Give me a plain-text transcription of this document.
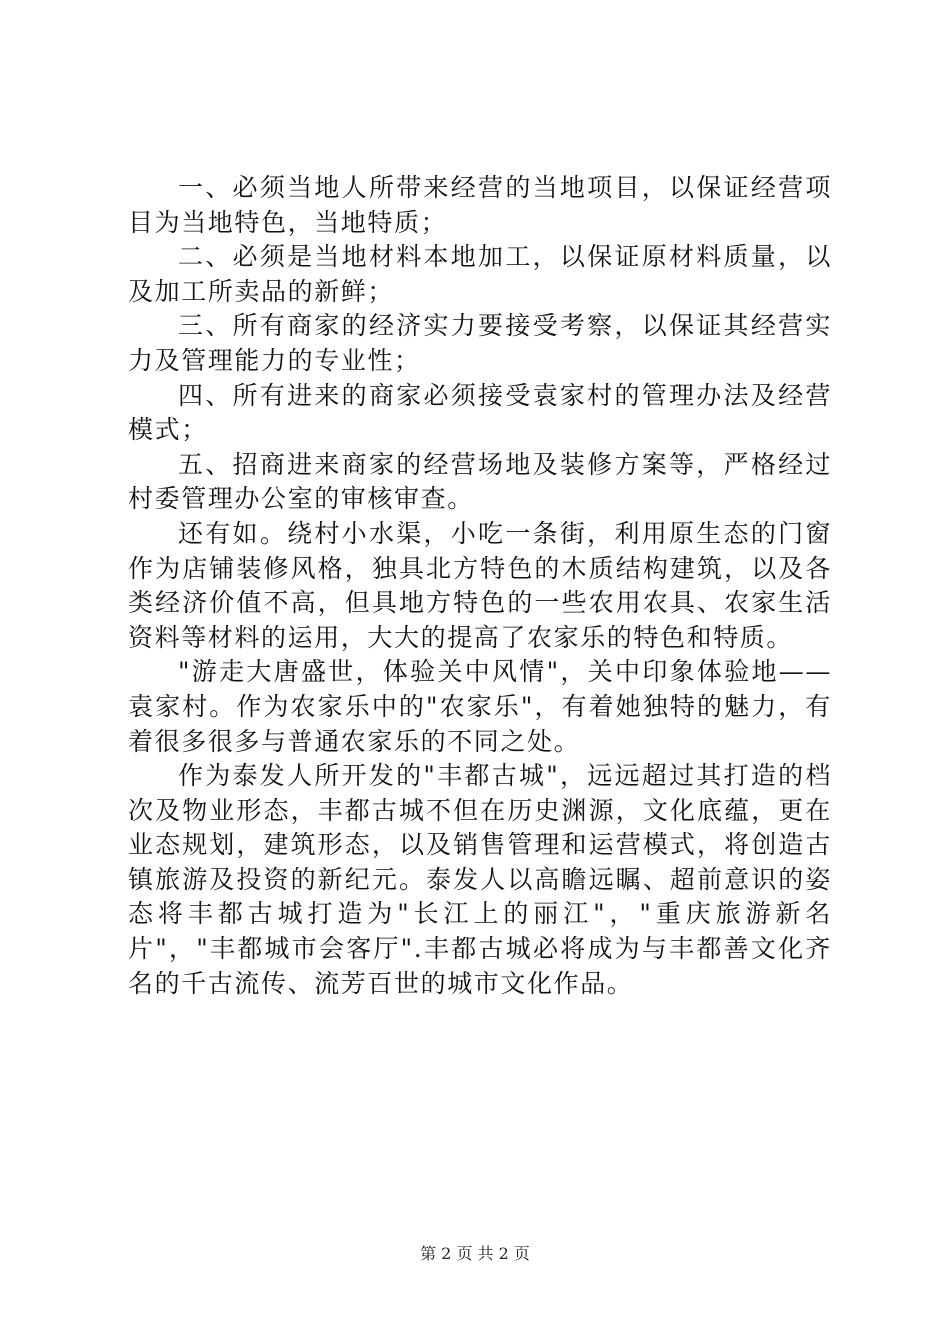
一、必须当地人所带来经营的当地项目，以保证经营项目为当地特色，当地特质；

二、必须是当地材料本地加工，以保证原材料质量，以及加工所卖品的新鲜；

三、所有商家的经济实力要接受考察，以保证其经营实力及管理能力的专业性；

四、所有进来的商家必须接受袁家村的管理办法及经营模式；

五、招商进来商家的经营场地及装修方案等，严格经过村委管理办公室的审核审查。

还有如。绕村小水渠，小吃一条街，利用原生态的门窗作为店铺装修风格，独具北方特色的木质结构建筑，以及各类经济价值不高，但具地方特色的一些农用农具、农家生活资料等材料的运用，大大的提高了农家乐的特色和特质。

"游走大唐盛世，体验关中风情"，关中印象体验地——袁家村。作为农家乐中的"农家乐"，有着她独特的魅力，有着很多很多与普通农家乐的不同之处。

作为泰发人所开发的"丰都古城"，远远超过其打造的档次及物业形态，丰都古城不但在历史渊源，文化底蕴，更在业态规划，建筑形态，以及销售管理和运营模式，将创造古镇旅游及投资的新纪元。泰发人以高瞻远瞩、超前意识的姿态将丰都古城打造为"长江上的丽江"，"重庆旅游新名片"，"丰都城市会客厅".丰都古城必将成为与丰都善文化齐名的千古流传、流芳百世的城市文化作品。

第 2 页 共 2 页
